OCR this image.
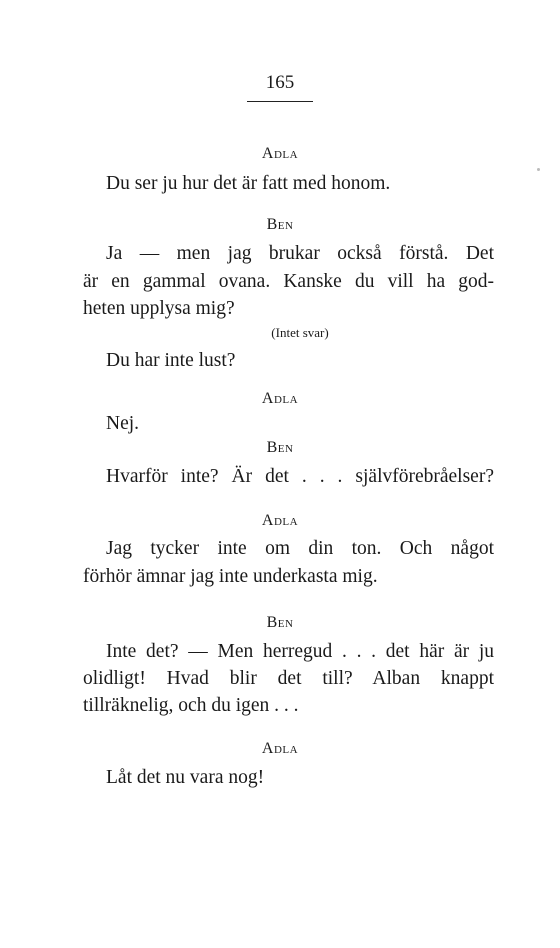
165
Adla
Du ser ju hur det är fatt med honom.
Ben
Ja — men jag brukar också förstå. Det
är en gammal ovana. Kanske du vill ha god-
heten upplysa mig?
(Intet svar)
Du har inte lust?
Adla
Nej.
Ben
Hvarför inte? Är det . . . självförebråelser?
Adla
Jag tycker inte om din ton. Och något
förhör ämnar jag inte underkasta mig.
Ben
Inte det? — Men herregud . . . det här är ju
olidligt! Hvad blir det till? Alban knappt
tillräknelig, och du igen . . .
Adla
Låt det nu vara nog!
